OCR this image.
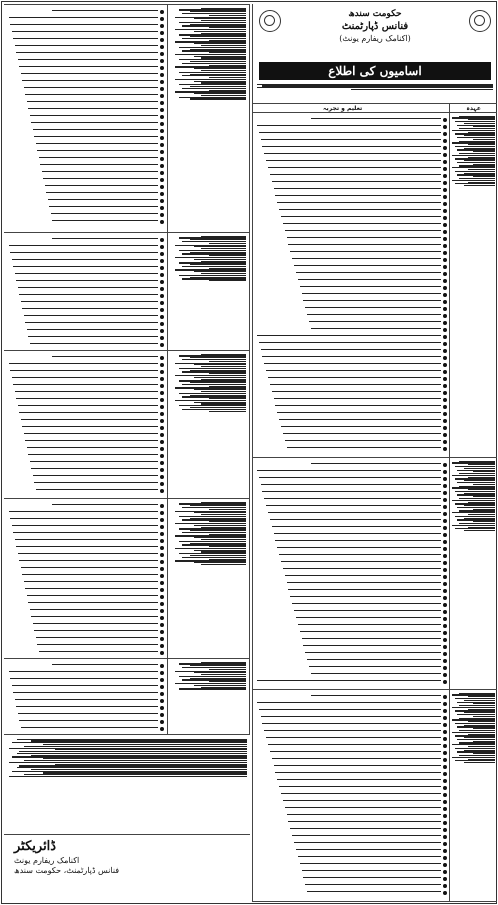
ڈائریکٹر
اکنامک ریفارم یونٹ
فنانس ڈپارٹمنٹ، حکومت سندھ
حکومت سندھ
فنانس ڈپارٹمنٹ
(اکنامک ریفارم یونٹ)
اسامیوں کی اطلاع
تعلیم و تجربہ	عہدہ
